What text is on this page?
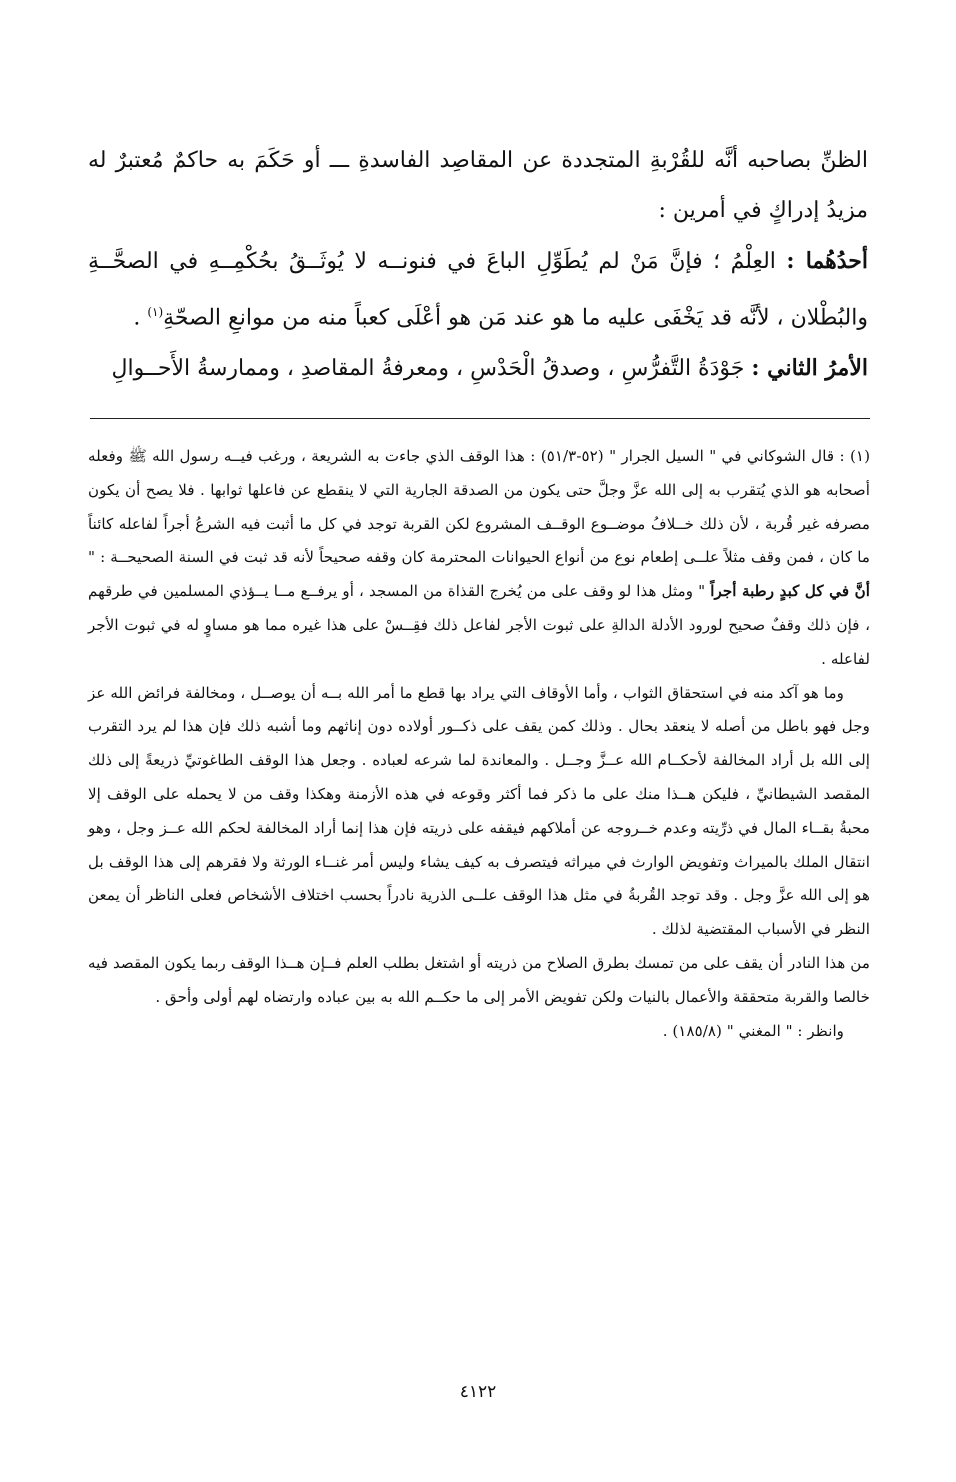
الظنِّ بصاحبه أنَّه للقُرْبةِ المتجددة عن المقاصِد الفاسدةِ ـــ أو حَكَمَ به حاكمٌ مُعتبرٌ له مزيدُ إدراكٍ في أمرين :

أحدُهُما : العِلْمُ ؛ فإنَّ مَنْ لم يُطَوِّلِ الباعَ في فنونــه لا يُوثَــقُ بحُكْمِــهِ في الصحَّــةِ والبُطْلان ، لأنَّه قد يَخْفَى عليه ما هو عند مَن هو أعْلَى كعباً منه من موانعِ الصحّةِ$^{(١)}$ .

الأمرُ الثاني : جَوْدَةُ التَّفرُّسِ ، وصدقُ الْحَدْسِ ، ومعرفةُ المقاصدِ ، وممارسةُ الأَحــوالِ

(١) : قال الشوكاني في " السيل الجرار " (٥٢-٥١/٣) : هذا الوقف الذي جاءت به الشريعة ، ورغب فيــه رسول الله ﷺ وفعله أصحابه هو الذي يُتقرب به إلى الله عزَّ وجلَّ حتى يكون من الصدقة الجارية التي لا ينقطع عن فاعلها ثوابها . فلا يصح أن يكون مصرفه غير قُربة ، لأن ذلك خــلافُ موضــوع الوقــف المشروع لكن القربة توجد في كل ما أثبت فيه الشرعُ أجراً لفاعله كائناً ما كان ، فمن وقف مثلاً علــى إطعام نوع من أنواع الحيوانات المحترمة كان وقفه صحيحاً لأنه قد ثبت في السنة الصحيحــة : " أنَّ في كل كبدٍ رطبة أجراً " ومثل هذا لو وقف على من يُخرج القذاة من المسجد ، أو يرفــع مــا يــؤذي المسلمين في طرقهم ، فإن ذلك وقفٌ صحيح لورود الأدلة الدالةِ على ثبوت الأجر لفاعل ذلك فقِــسْ على هذا غيره مما هو مساوٍ له في ثبوت الأجر لفاعله .

وما هو آكد منه في استحقاق الثواب ، وأما الأوقاف التي يراد بها قطع ما أمر الله بــه أن يوصــل ، ومخالفة فرائض الله عز وجل فهو باطل من أصله لا ينعقد بحال . وذلك كمن يقف على ذكــور أولاده دون إناثهم وما أشبه ذلك فإن هذا لم يرد التقرب إلى الله بل أراد المخالفة لأحكــام الله عــزَّ وجــل . والمعاندة لما شرعه لعباده . وجعل هذا الوقف الطاغوتيِّ ذريعةً إلى ذلك المقصد الشيطانيِّ ، فليكن هــذا منك على ما ذكر فما أكثر وقوعه في هذه الأزمنة وهكذا وقف من لا يحمله على الوقف إلا محبةُ بقــاء المال في ذرِّيته وعدم خــروجه عن أملاكهم فيقفه على ذريته فإن هذا إنما أراد المخالفة لحكم الله عــز وجل ، وهو انتقال الملك بالميراث وتفويض الوارث في ميراثه فيتصرف به كيف يشاء وليس أمر غنــاء الورثة ولا فقرهم إلى هذا الوقف بل هو إلى الله عزَّ وجل . وقد توجد القُربةُ في مثل هذا الوقف علــى الذرية نادراً بحسب اختلاف الأشخاص فعلى الناظر أن يمعن النظر في الأسباب المقتضية لذلك .

من هذا النادر أن يقف على من تمسك بطرق الصلاح من ذريته أو اشتغل بطلب العلم فــإن هــذا الوقف ربما يكون المقصد فيه خالصا والقربة متحققة والأعمال بالنيات ولكن تفويض الأمر إلى ما حكــم الله به بين عباده وارتضاه لهم أولى وأحق .

وانظر : " المغني " (١٨٥/٨) .

٤١٢٢
